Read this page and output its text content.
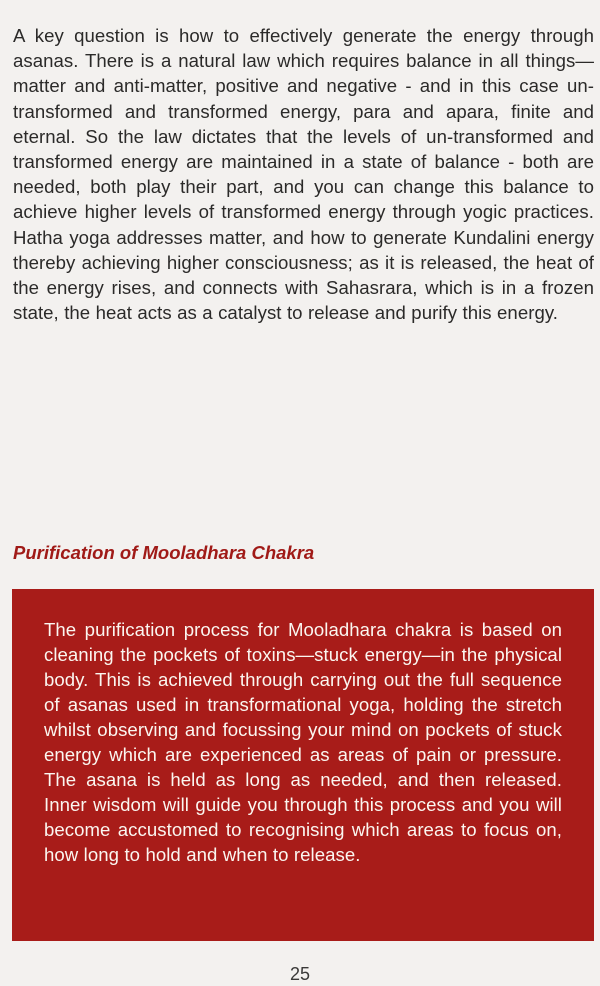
A key question is how to effectively generate the energy through asanas. There is a natural law which requires balance in all things—matter and anti-matter, positive and negative - and in this case un-transformed and transformed energy, para and apara, finite and eternal. So the law dictates that the levels of un-transformed and transformed energy are maintained in a state of balance - both are needed, both play their part, and you can change this balance to achieve higher levels of transformed energy through yogic practices. Hatha yoga addresses matter, and how to generate Kundalini energy thereby achieving higher consciousness; as it is released, the heat of the energy rises, and connects with Sahasrara, which is in a frozen state, the heat acts as a catalyst to release and purify this energy.

Purification of Mooladhara Chakra

The purification process for Mooladhara chakra is based on cleaning the pockets of toxins—stuck energy—in the physical body. This is achieved through carrying out the full sequence of asanas used in transformational yoga, holding the stretch whilst observing and focussing your mind on pockets of stuck energy which are experienced as areas of pain or pressure. The asana is held as long as needed, and then released. Inner wisdom will guide you through this process and you will become accustomed to recognising which areas to focus on, how long to hold and when to release.

25
